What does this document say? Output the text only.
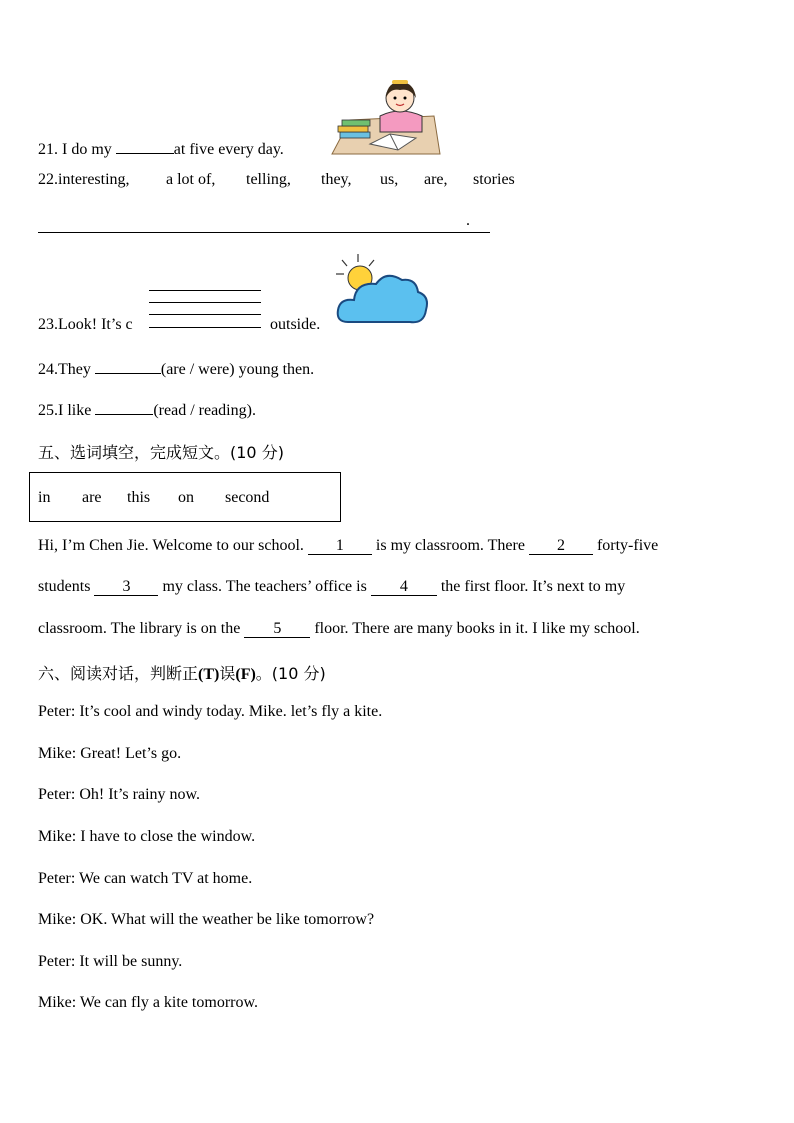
21. I do my	at five every day.
22.interesting, a lot of, telling, they, us, are, stories
.
23.Look! It’s c	outside.
24.They	(are / were) young then.
25.I like	(read / reading).
五、选词填空，完成短文。(10 分)
in are this on second
Hi, I’m Chen Jie. Welcome to our school. 1 is my classroom. There 2 forty-five
students 3 my class. The teachers’ office is 4 the first floor. It’s next to my
classroom. The library is on the 5 floor. There are many books in it. I like my school.
六、阅读对话，判断正(T)误(F)。(10 分)
Peter: It’s cool and windy today. Mike. let’s fly a kite.
Mike: Great! Let’s go.
Peter: Oh! It’s rainy now.
Mike: I have to close the window.
Peter: We can watch TV at home.
Mike: OK. What will the weather be like tomorrow?
Peter: It will be sunny.
Mike: We can fly a kite tomorrow.
